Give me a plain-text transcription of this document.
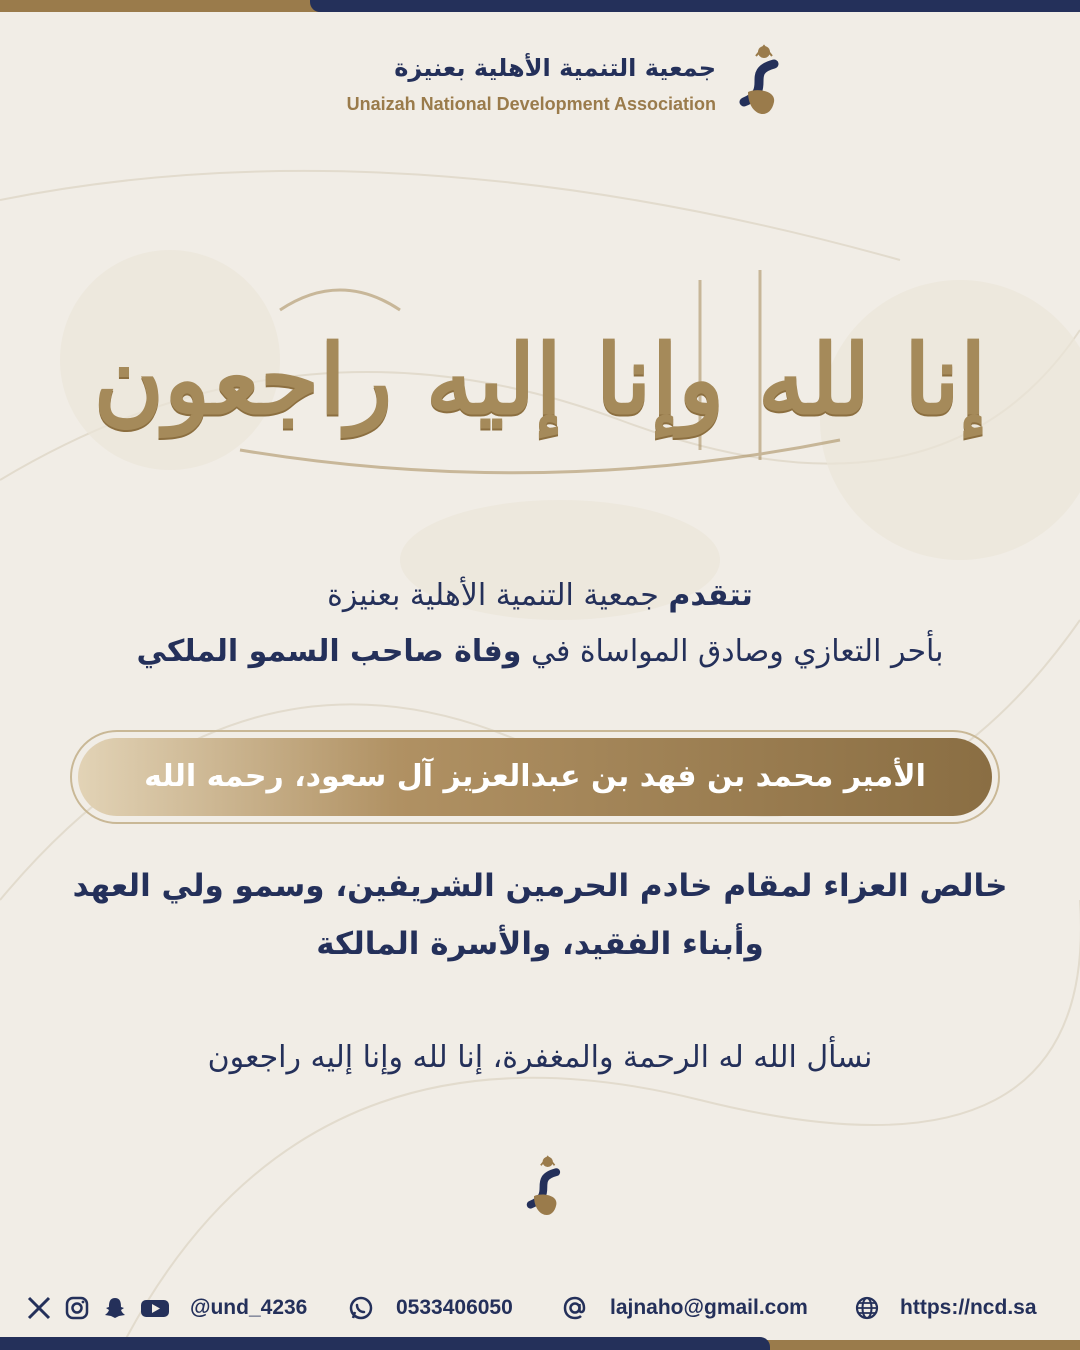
جمعية التنمية الأهلية بعنيزة
Unaizah National Development Association
إنا لله وإنا إليه راجعون
تتقدم جمعية التنمية الأهلية بعنيزة
بأحر التعازي وصادق المواساة في وفاة صاحب السمو الملكي
الأمير محمد بن فهد بن عبدالعزيز آل سعود، رحمه الله
خالص العزاء لمقام خادم الحرمين الشريفين، وسمو ولي العهد
وأبناء الفقيد، والأسرة المالكة
نسأل الله له الرحمة والمغفرة، إنا لله وإنا إليه راجعون
@und_4236	0533406050	lajnaho@gmail.com	https://ncd.sa
